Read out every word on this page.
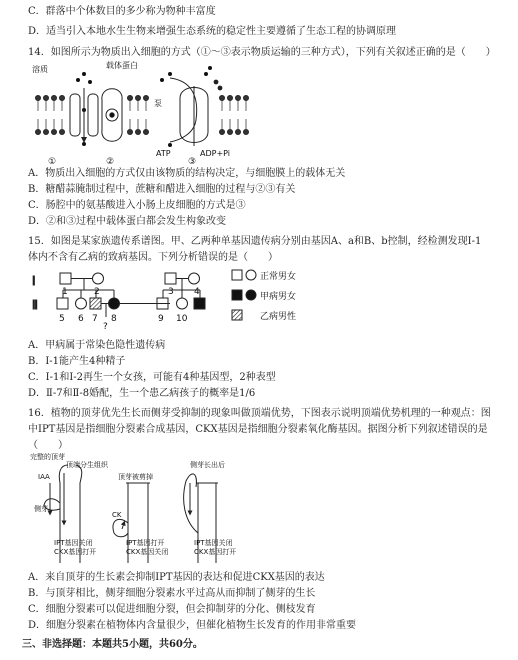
C．群落中个体数目的多少称为物种丰富度
D．适当引入本地水生生物来增强生态系统的稳定性主要遵循了生态工程的协调原理
14．如图所示为物质出入细胞的方式（①～③表示物质运输的三种方式），下列有关叙述正确的是（　　）
溶质	载体蛋白
泵
ATP	ADP+Pi
①	②	③
A．物质出入细胞的方式仅由该物质的结构决定，与细胞膜上的载体无关
B．糖醋蒜腌制过程中，蔗糖和醋进入细胞的过程与②③有关
C．肠腔中的氨基酸进入小肠上皮细胞的方式是③
D．②和③过程中载体蛋白都会发生构象改变
15．如图是某家族遗传系谱图。甲、乙两种单基因遗传病分别由基因A、a和B、b控制，经检测发现Ⅰ-1
体内不含有乙病的致病基因。下列分析错误的是（　　）
Ⅰ
Ⅱ
1	2	3 4
5 6 7 8	9 10
?
正常男女
甲病男女
乙病男性
A．甲病属于常染色隐性遗传病
B．Ⅰ-1能产生4种精子
C．Ⅰ-1和Ⅰ-2再生一个女孩，可能有4种基因型，2种表型
D．Ⅱ-7和Ⅱ-8婚配，生一个患乙病孩子的概率是1/6
16．植物的顶芽优先生长而侧芽受抑制的现象叫做顶端优势，下图表示说明顶端优势机理的一种观点：图
中IPT基因是指细胞分裂素合成基因，CKX基因是指细胞分裂素氧化酶基因。据图分析下列叙述错误的是
（　　）
完整的顶芽
顶端分生组织
IAA
侧芽
IPT基因关闭
CKX基因打开
顶芽被剪掉
CK
IPT基因打开
CKX基因关闭
侧芽长出后
IPT基因关闭
CKX基因打开
A．来自顶芽的生长素会抑制IPT基因的表达和促进CKX基因的表达
B．与顶芽相比，侧芽细胞分裂素水平过高从而抑制了侧芽的生长
C．细胞分裂素可以促进细胞分裂，但会抑制芽的分化、侧枝发育
D．细胞分裂素在植物体内含量很少，但催化植物生长发育的作用非常重要
三、非选择题：本题共5小题，共60分。
